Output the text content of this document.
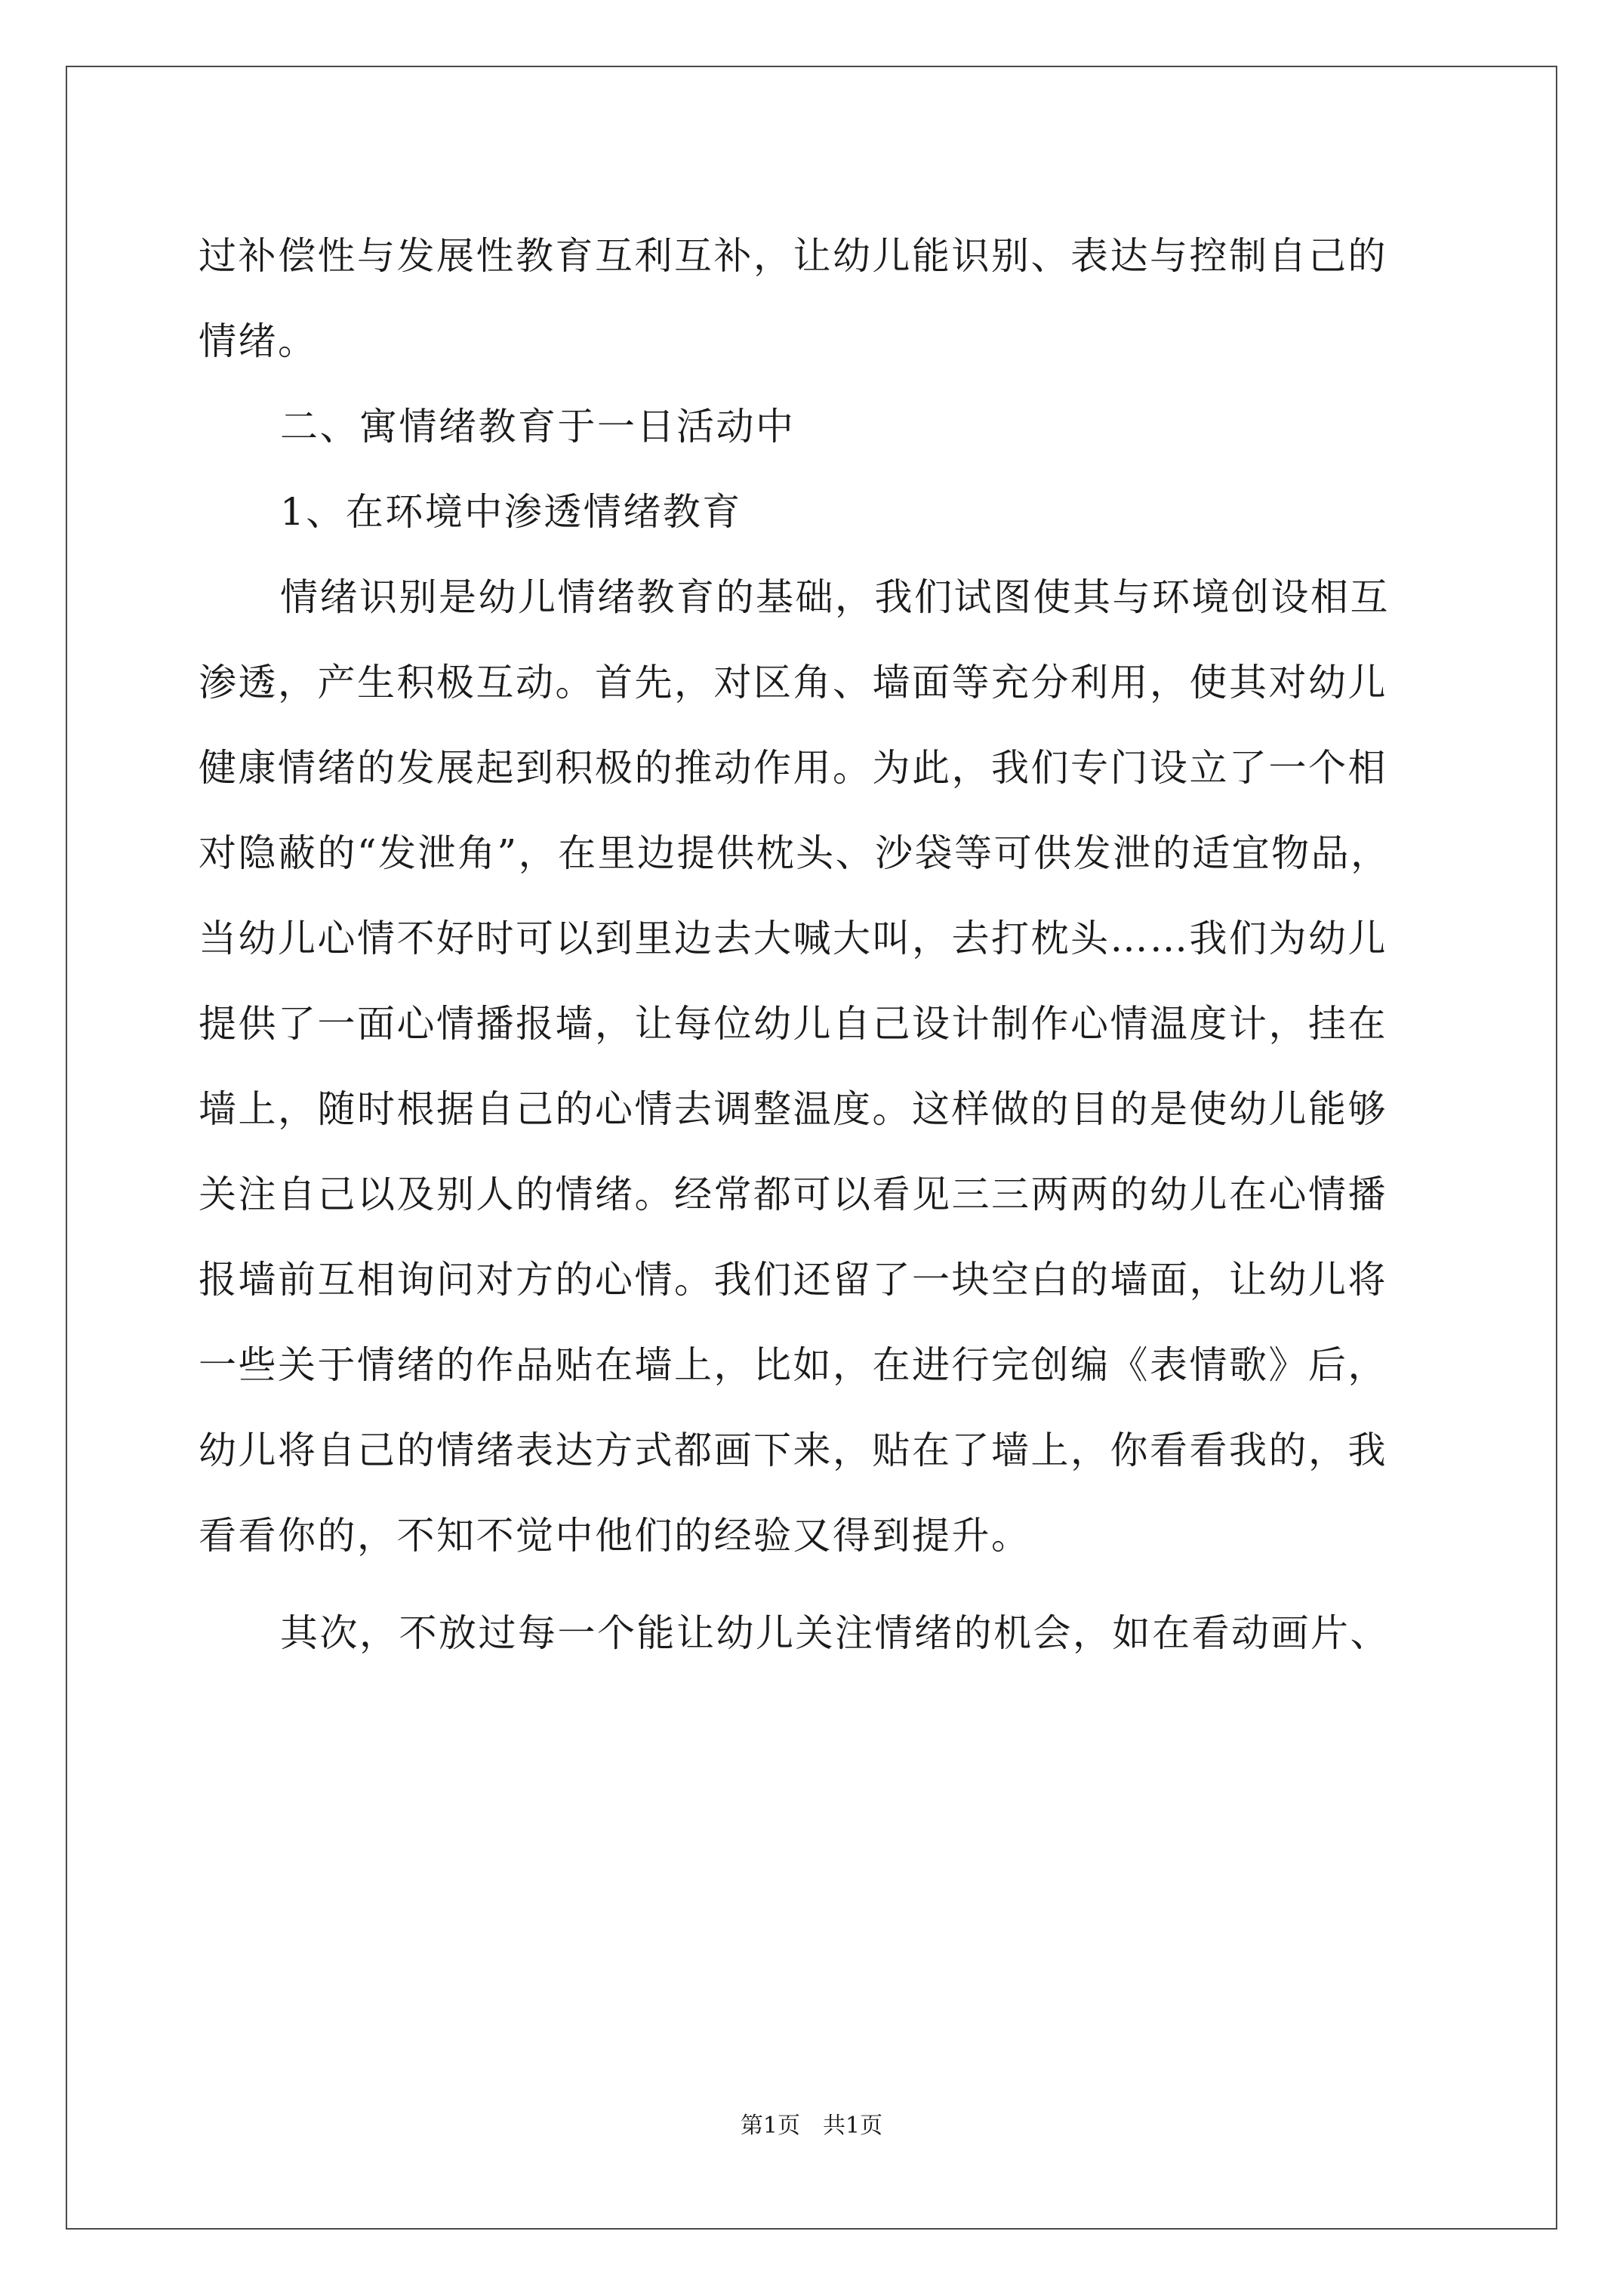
过补偿性与发展性教育互利互补，让幼儿能识别、表达与控制自己的
情绪。
二、寓情绪教育于一日活动中
1、在环境中渗透情绪教育
情绪识别是幼儿情绪教育的基础，我们试图使其与环境创设相互
渗透，产生积极互动。首先，对区角、墙面等充分利用，使其对幼儿
健康情绪的发展起到积极的推动作用。为此，我们专门设立了一个相
对隐蔽的“发泄角”，在里边提供枕头、沙袋等可供发泄的适宜物品，
当幼儿心情不好时可以到里边去大喊大叫，去打枕头……我们为幼儿
提供了一面心情播报墙，让每位幼儿自己设计制作心情温度计，挂在
墙上，随时根据自己的心情去调整温度。这样做的目的是使幼儿能够
关注自己以及别人的情绪。经常都可以看见三三两两的幼儿在心情播
报墙前互相询问对方的心情。我们还留了一块空白的墙面，让幼儿将
一些关于情绪的作品贴在墙上，比如，在进行完创编《表情歌》后，
幼儿将自己的情绪表达方式都画下来，贴在了墙上，你看看我的，我
看看你的，不知不觉中他们的经验又得到提升。
其次，不放过每一个能让幼儿关注情绪的机会，如在看动画片、
第1页 共1页
